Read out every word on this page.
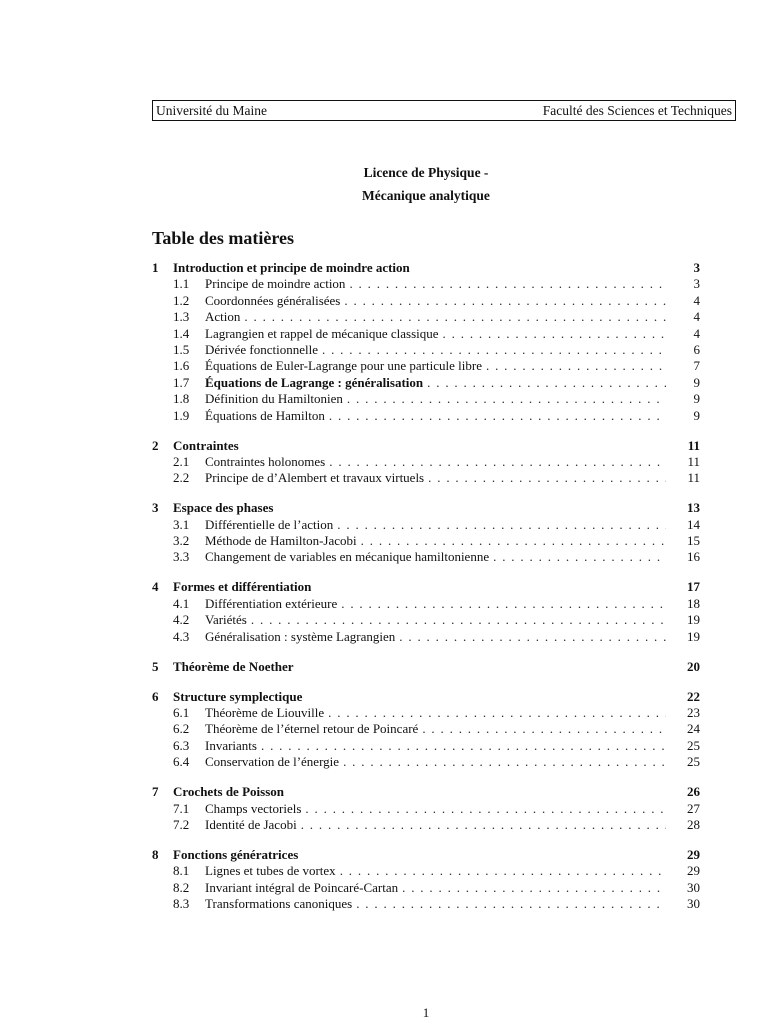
Université du Maine	Faculté des Sciences et Techniques
Licence de Physique -
Mécanique analytique
Table des matières
1	Introduction et principe de moindre action	3
1.1	Principe de moindre action . . .	3
1.2	Coordonnées généralisées . . .	4
1.3	Action . . .	4
1.4	Lagrangien et rappel de mécanique classique . . .	4
1.5	Dérivée fonctionnelle . . .	6
1.6	Équations de Euler-Lagrange pour une particule libre . . .	7
1.7	Équations de Lagrange : généralisation . . .	9
1.8	Définition du Hamiltonien . . .	9
1.9	Équations de Hamilton . . .	9
2	Contraintes	11
2.1	Contraintes holonomes . . .	11
2.2	Principe de d’Alembert et travaux virtuels . . .	11
3	Espace des phases	13
3.1	Différentielle de l’action . . .	14
3.2	Méthode de Hamilton-Jacobi . . .	15
3.3	Changement de variables en mécanique hamiltonienne . . .	16
4	Formes et différentiation	17
4.1	Différentiation extérieure . . .	18
4.2	Variétés . . .	19
4.3	Généralisation : système Lagrangien . . .	19
5	Théorème de Noether	20
6	Structure symplectique	22
6.1	Théorème de Liouville . . .	23
6.2	Théorème de l’éternel retour de Poincaré . . .	24
6.3	Invariants . . .	25
6.4	Conservation de l’énergie . . .	25
7	Crochets de Poisson	26
7.1	Champs vectoriels . . .	27
7.2	Identité de Jacobi . . .	28
8	Fonctions génératrices	29
8.1	Lignes et tubes de vortex . . .	29
8.2	Invariant intégral de Poincaré-Cartan . . .	30
8.3	Transformations canoniques . . .	30
1
